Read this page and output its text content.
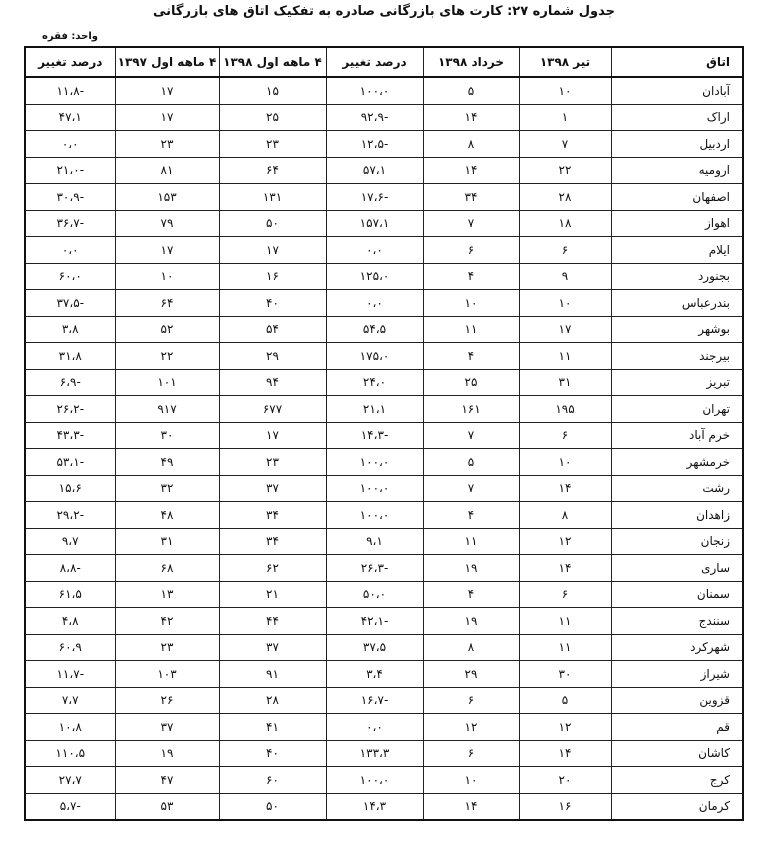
جدول شماره ۲۷: کارت های بازرگانی صادره به تفکیک اتاق های بازرگانی
واحد: فقره
اتاق	تیر ۱۳۹۸	خرداد ۱۳۹۸	درصد تغییر	۴ ماهه اول ۱۳۹۸	۴ ماهه اول ۱۳۹۷	درصد تغییر
آبادان	۱۰	۵	۱۰۰،۰	۱۵	۱۷	-۱۱،۸
اراک	۱	۱۴	-۹۲،۹	۲۵	۱۷	۴۷،۱
اردبیل	۷	۸	-۱۲،۵	۲۳	۲۳	۰،۰
ارومیه	۲۲	۱۴	۵۷،۱	۶۴	۸۱	-۲۱،۰
اصفهان	۲۸	۳۴	-۱۷،۶	۱۳۱	۱۵۳	-۳۰،۹
اهواز	۱۸	۷	۱۵۷،۱	۵۰	۷۹	-۳۶،۷
ایلام	۶	۶	۰،۰	۱۷	۱۷	۰،۰
بجنورد	۹	۴	۱۲۵،۰	۱۶	۱۰	۶۰،۰
بندرعباس	۱۰	۱۰	۰،۰	۴۰	۶۴	-۳۷،۵
بوشهر	۱۷	۱۱	۵۴،۵	۵۴	۵۲	۳،۸
بیرجند	۱۱	۴	۱۷۵،۰	۲۹	۲۲	۳۱،۸
تبریز	۳۱	۲۵	۲۴،۰	۹۴	۱۰۱	-۶،۹
تهران	۱۹۵	۱۶۱	۲۱،۱	۶۷۷	۹۱۷	-۲۶،۲
خرم آباد	۶	۷	-۱۴،۳	۱۷	۳۰	-۴۳،۳
خرمشهر	۱۰	۵	۱۰۰،۰	۲۳	۴۹	-۵۳،۱
رشت	۱۴	۷	۱۰۰،۰	۳۷	۳۲	۱۵،۶
زاهدان	۸	۴	۱۰۰،۰	۳۴	۴۸	-۲۹،۲
زنجان	۱۲	۱۱	۹،۱	۳۴	۳۱	۹،۷
ساری	۱۴	۱۹	-۲۶،۳	۶۲	۶۸	-۸،۸
سمنان	۶	۴	۵۰،۰	۲۱	۱۳	۶۱،۵
سنندج	۱۱	۱۹	-۴۲،۱	۴۴	۴۲	۴،۸
شهرکرد	۱۱	۸	۳۷،۵	۳۷	۲۳	۶۰،۹
شیراز	۳۰	۲۹	۳،۴	۹۱	۱۰۳	-۱۱،۷
قزوین	۵	۶	-۱۶،۷	۲۸	۲۶	۷،۷
قم	۱۲	۱۲	۰،۰	۴۱	۳۷	۱۰،۸
کاشان	۱۴	۶	۱۳۳،۳	۴۰	۱۹	۱۱۰،۵
کرج	۲۰	۱۰	۱۰۰،۰	۶۰	۴۷	۲۷،۷
کرمان	۱۶	۱۴	۱۴،۳	۵۰	۵۳	-۵،۷
